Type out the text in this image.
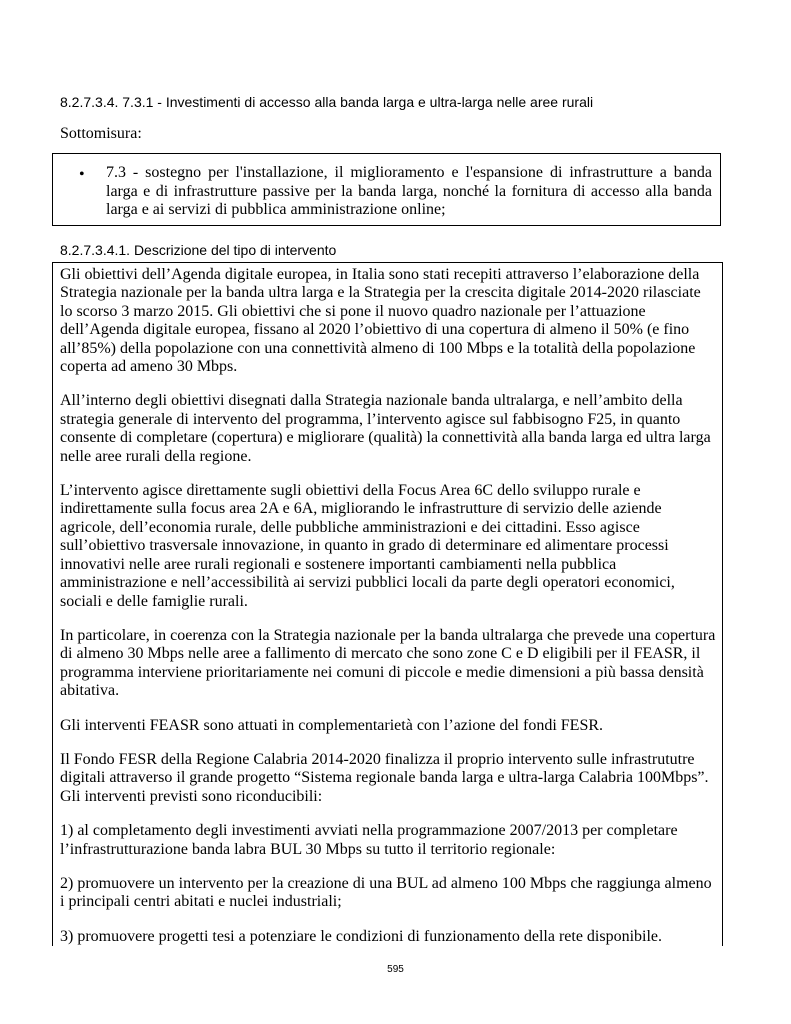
8.2.7.3.4. 7.3.1 - Investimenti di accesso alla banda larga e ultra-larga nelle aree rurali
Sottomisura:
• 7.3 - sostegno per l'installazione, il miglioramento e l'espansione di infrastrutture a banda larga e di infrastrutture passive per la banda larga, nonché la fornitura di accesso alla banda larga e ai servizi di pubblica amministrazione online;
8.2.7.3.4.1. Descrizione del tipo di intervento

Gli obiettivi dell’Agenda digitale europea, in Italia sono stati recepiti attraverso l’elaborazione della Strategia nazionale per la banda ultra larga e la Strategia per la crescita digitale 2014-2020 rilasciate lo scorso 3 marzo 2015. Gli obiettivi che si pone il nuovo quadro nazionale per l’attuazione dell’Agenda digitale europea, fissano al 2020 l’obiettivo di una copertura di almeno il 50% (e fino all’85%) della popolazione con una connettività almeno di 100 Mbps e la totalità della popolazione coperta ad ameno 30 Mbps.

All’interno degli obiettivi disegnati dalla Strategia nazionale banda ultralarga, e nell’ambito della strategia generale di intervento del programma, l’intervento agisce sul fabbisogno F25, in quanto consente di completare (copertura) e migliorare (qualità) la connettività alla banda larga ed ultra larga nelle aree rurali della regione.

L’intervento agisce direttamente sugli obiettivi della Focus Area 6C dello sviluppo rurale e indirettamente sulla focus area 2A e 6A, migliorando le infrastrutture di servizio delle aziende agricole, dell’economia rurale, delle pubbliche amministrazioni e dei cittadini. Esso agisce sull’obiettivo trasversale innovazione, in quanto in grado di determinare ed alimentare processi innovativi nelle aree rurali regionali e sostenere importanti cambiamenti nella pubblica amministrazione e nell’accessibilità ai servizi pubblici locali da parte degli operatori economici, sociali e delle famiglie rurali.

In particolare, in coerenza con la Strategia nazionale per la banda ultralarga che prevede una copertura di almeno 30 Mbps nelle aree a fallimento di mercato che sono zone C e D eligibili per il FEASR, il programma interviene prioritariamente nei comuni di piccole e medie dimensioni a più bassa densità abitativa.

Gli interventi FEASR sono attuati in complementarietà con l’azione del fondi FESR.

Il Fondo FESR della Regione Calabria 2014-2020 finalizza il proprio intervento sulle infrastrututre digitali attraverso il grande progetto “Sistema regionale banda larga e ultra-larga Calabria 100Mbps”. Gli interventi previsti sono riconducibili:

1) al completamento degli investimenti avviati nella programmazione 2007/2013 per completare l’infrastrutturazione banda labra BUL 30 Mbps su tutto il territorio regionale:

2) promuovere un intervento per la creazione di una BUL ad almeno 100 Mbps che raggiunga almeno i principali centri abitati e nuclei industriali;

3) promuovere progetti tesi a potenziare le condizioni di funzionamento della rete disponibile.

595
